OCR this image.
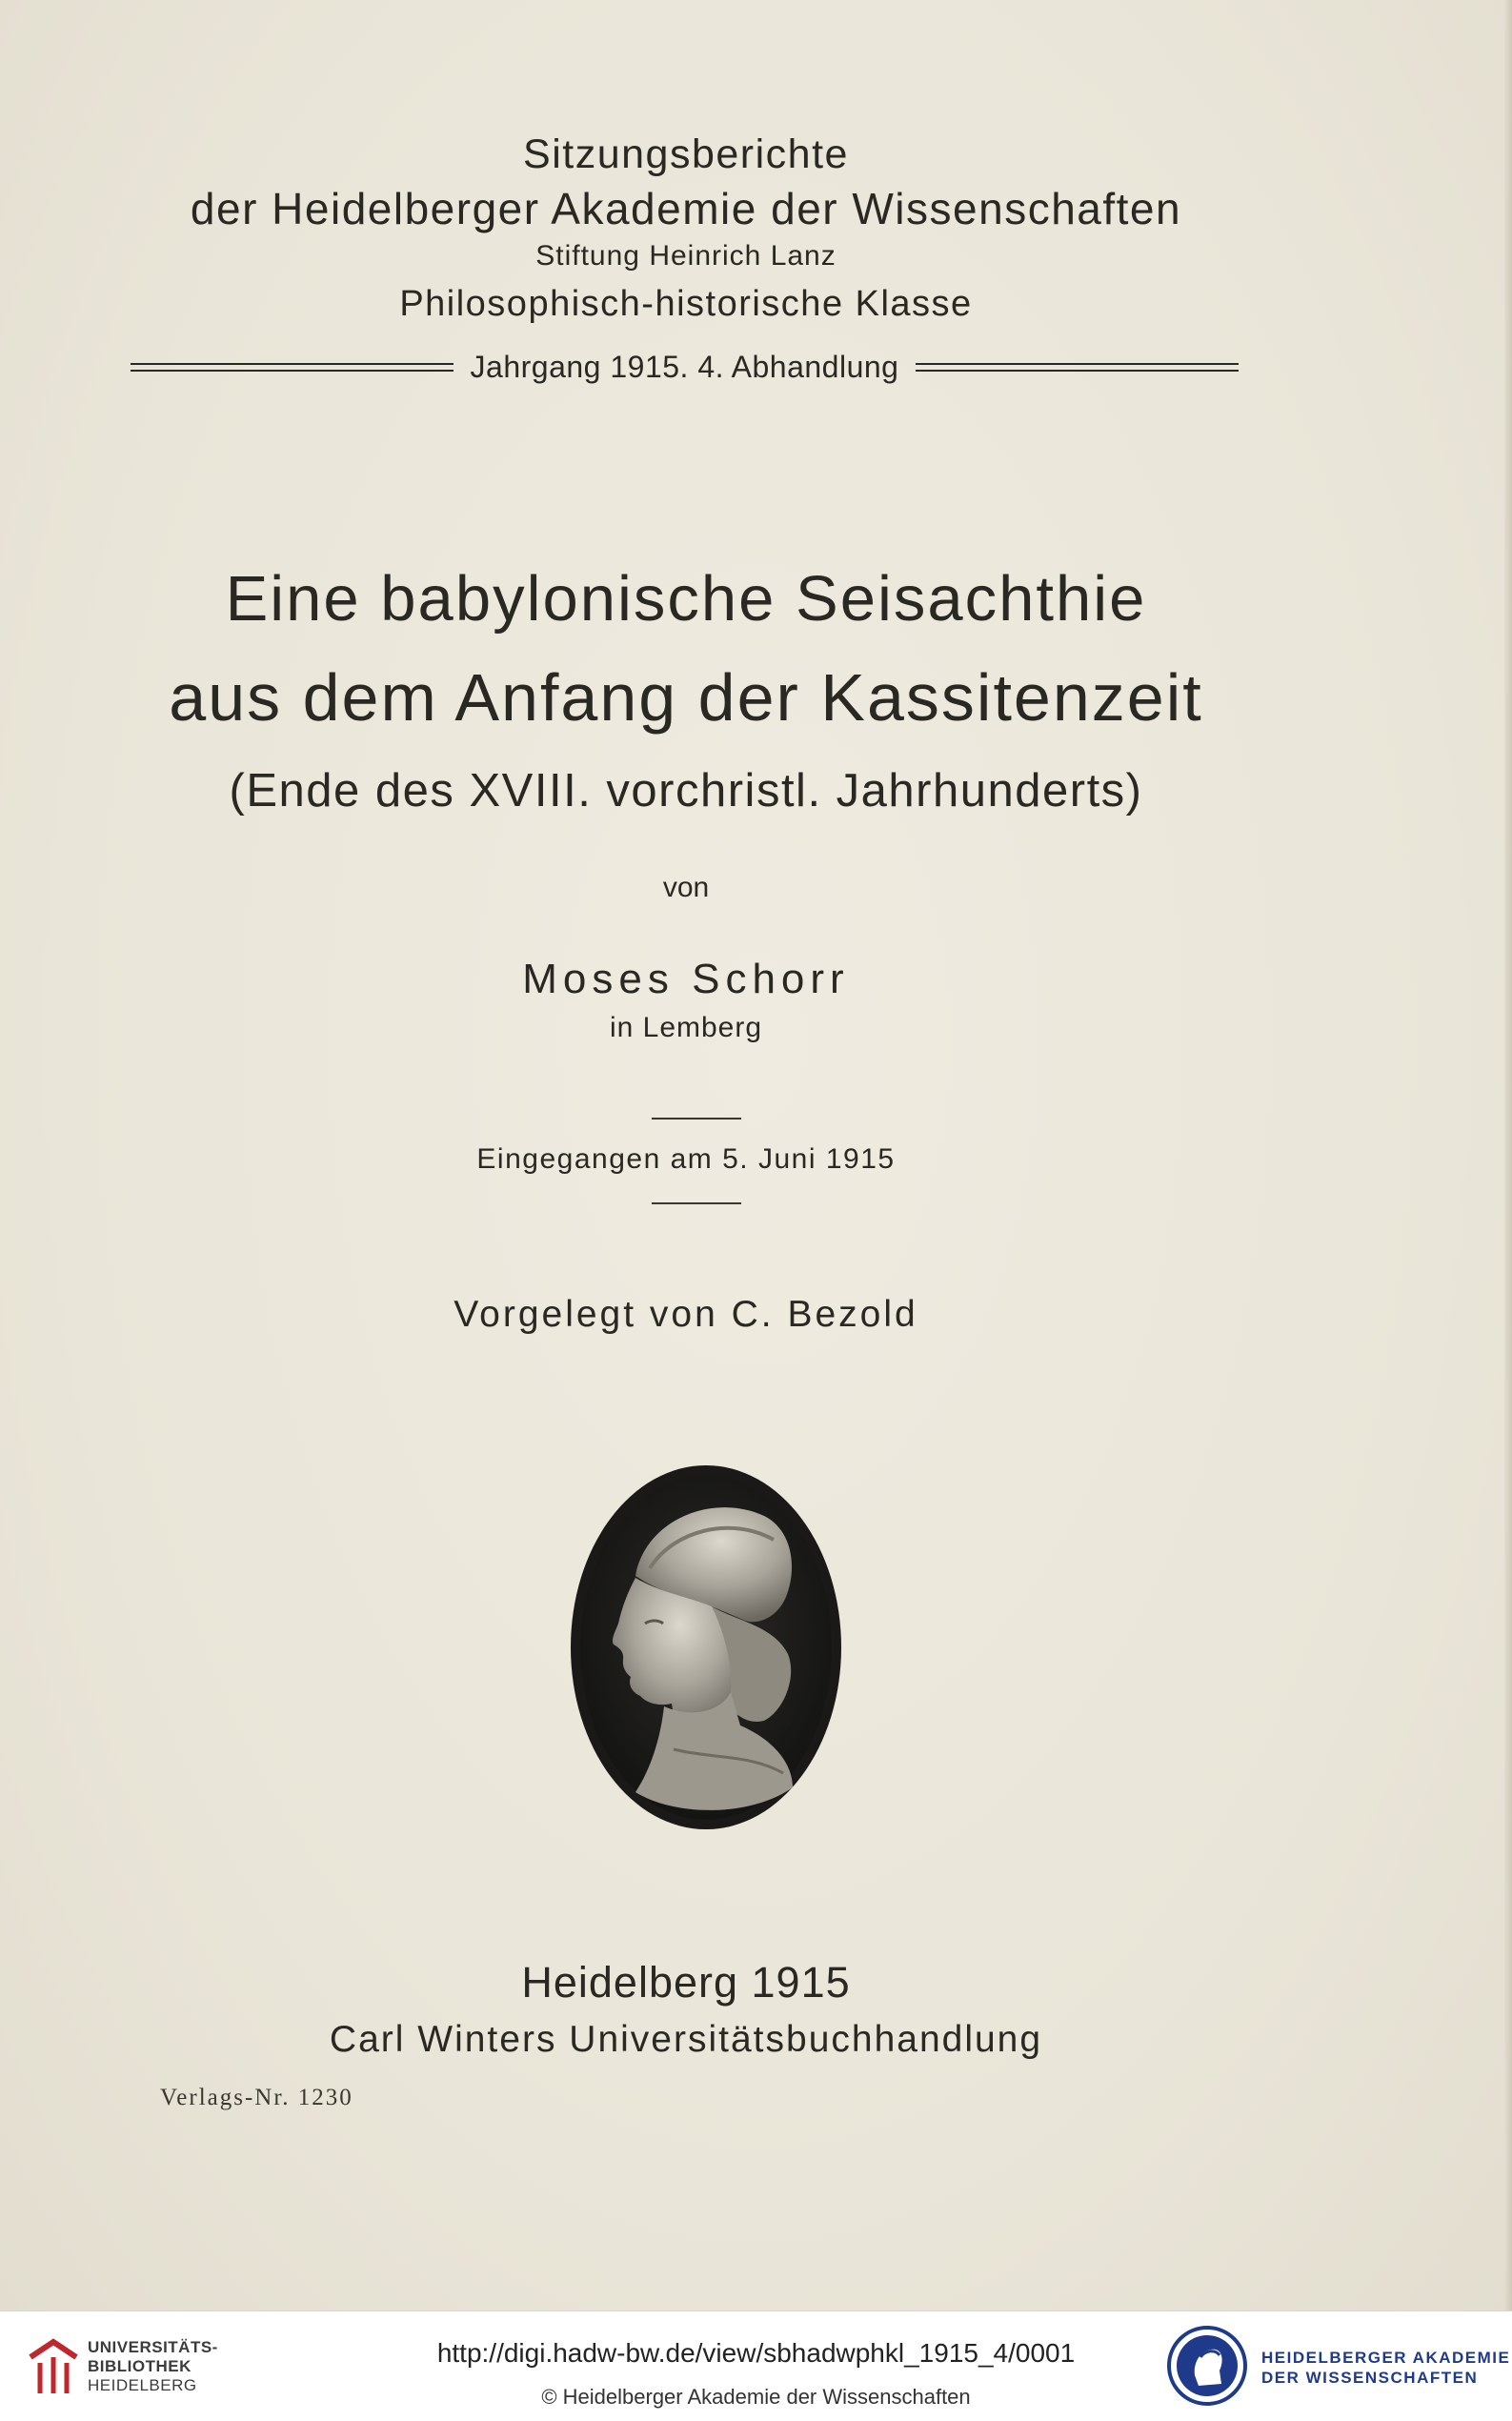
Sitzungsberichte
der Heidelberger Akademie der Wissenschaften
Stiftung Heinrich Lanz
Philosophisch-historische Klasse
Jahrgang 1915. 4. Abhandlung
Eine babylonische Seisachthie
aus dem Anfang der Kassitenzeit
(Ende des XVIII. vorchristl. Jahrhunderts)
von
Moses Schorr
in Lemberg
Eingegangen am 5. Juni 1915
Vorgelegt von C. Bezold
Heidelberg 1915
Carl Winters Universitätsbuchhandlung
Verlags-Nr. 1230
UNIVERSITÄTS-
BIBLIOTHEK
HEIDELBERG
http://digi.hadw-bw.de/view/sbhadwphkl_1915_4/0001
© Heidelberger Akademie der Wissenschaften
HEIDELBERGER AKADEMIE
DER WISSENSCHAFTEN
